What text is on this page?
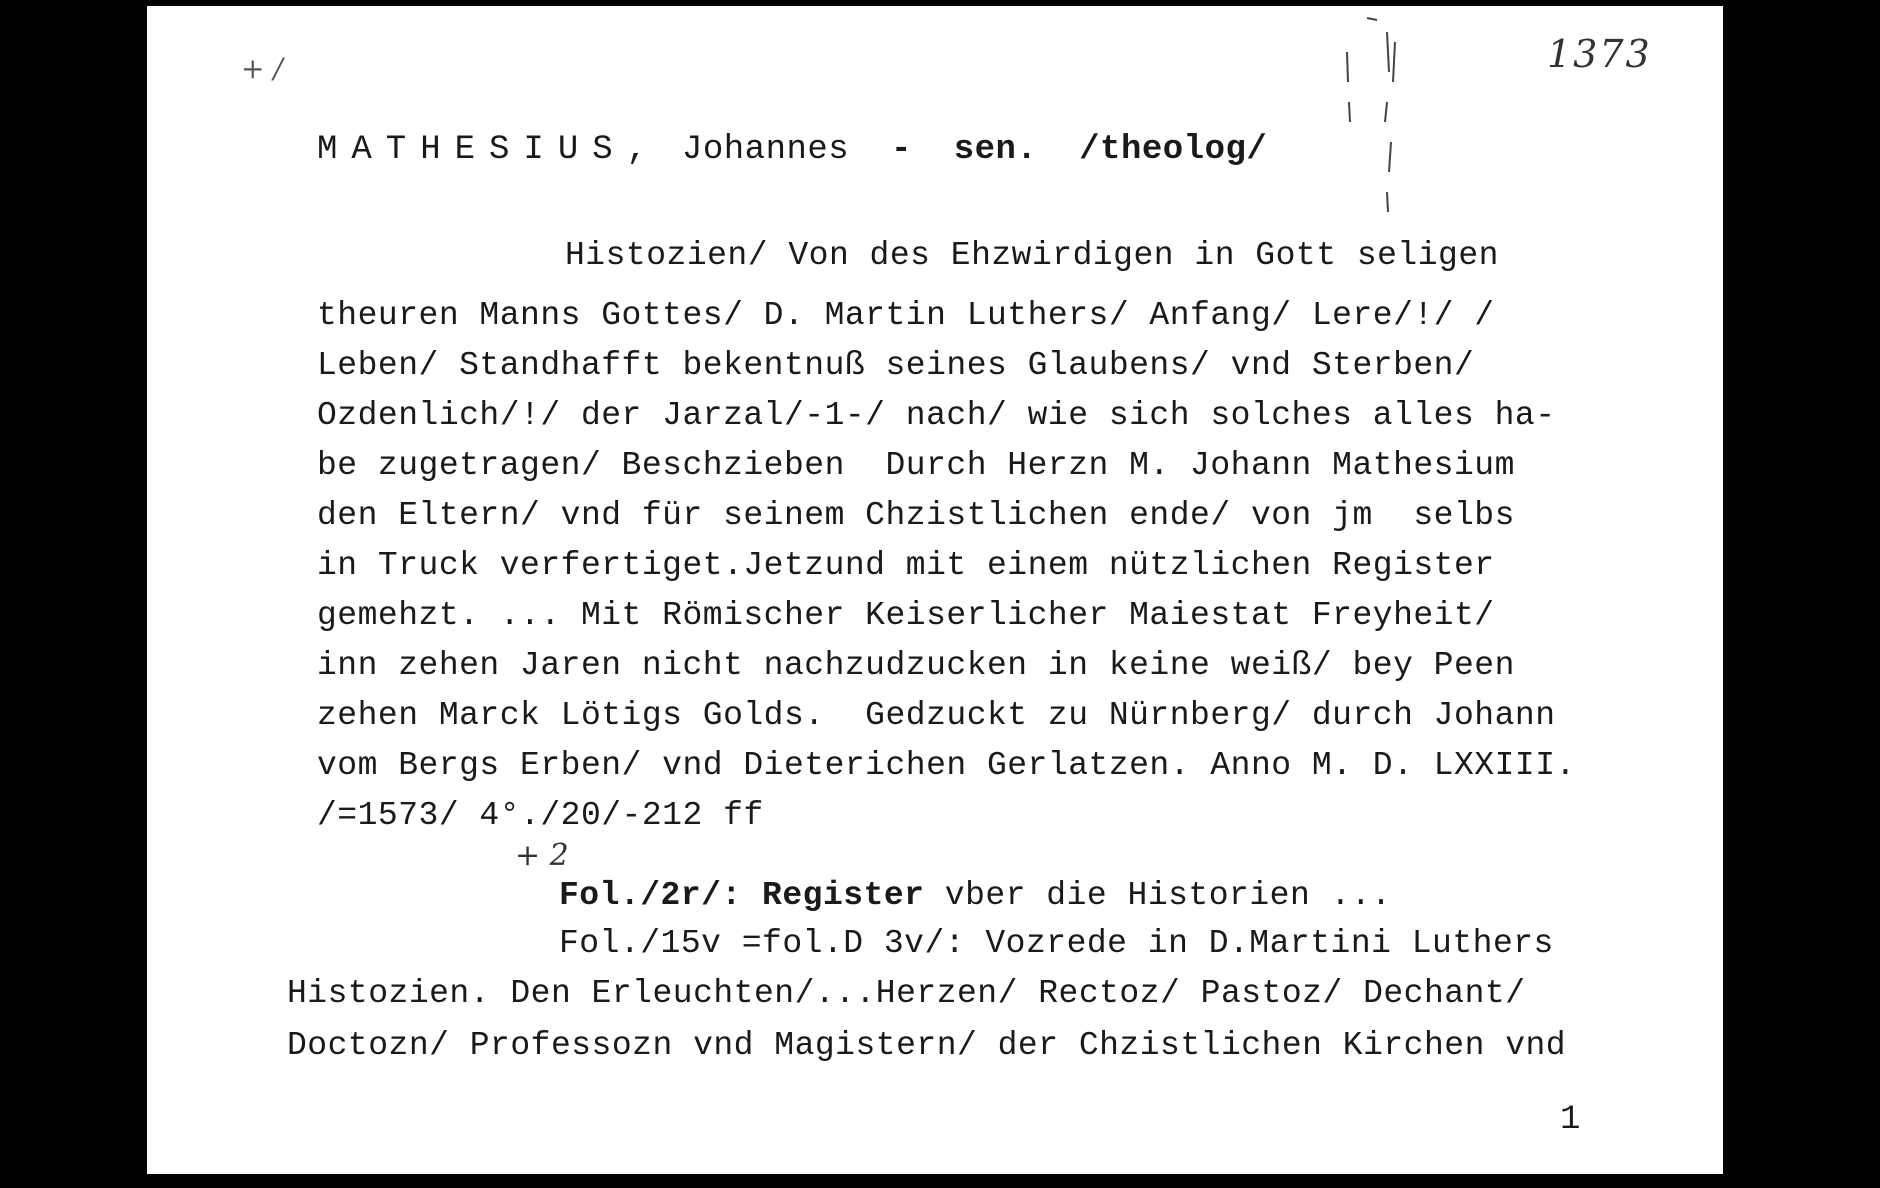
+ /	1373
MATHESIUS, Johannes - sen. /theolog/
Histozien/ Von des Ehzwirdigen in Gott seligen
theuren Manns Gottes/ D. Martin Luthers/ Anfang/ Lere/!/ /
Leben/ Standhafft bekentnuß seines Glaubens/ vnd Sterben/
Ozdenlich/!/ der Jarzal/-1-/ nach/ wie sich solches alles ha-
be zugetragen/ Beschzieben  Durch Herzn M. Johann Mathesium
den Eltern/ vnd für seinem Chzistlichen ende/ von jm  selbs
in Truck verfertiget.Jetzund mit einem nützlichen Register
gemehzt. ... Mit Römischer Keiserlicher Maiestat Freyheit/
inn zehen Jaren nicht nachzudzucken in keine weiß/ bey Peen
zehen Marck Lötigs Golds.  Gedzuckt zu Nürnberg/ durch Johann
vom Bergs Erben/ vnd Dieterichen Gerlatzen. Anno M. D. LXXIII.
/=1573/ 4°./20/-212 ff
+ 2
Fol./2r/: Register vber die Historien ...
Fol./15v =fol.D 3v/: Vozrede in D.Martini Luthers
Histozien. Den Erleuchten/...Herzen/ Rectoz/ Pastoz/ Dechant/
Doctozn/ Professozn vnd Magistern/ der Chzistlichen Kirchen vnd
1
